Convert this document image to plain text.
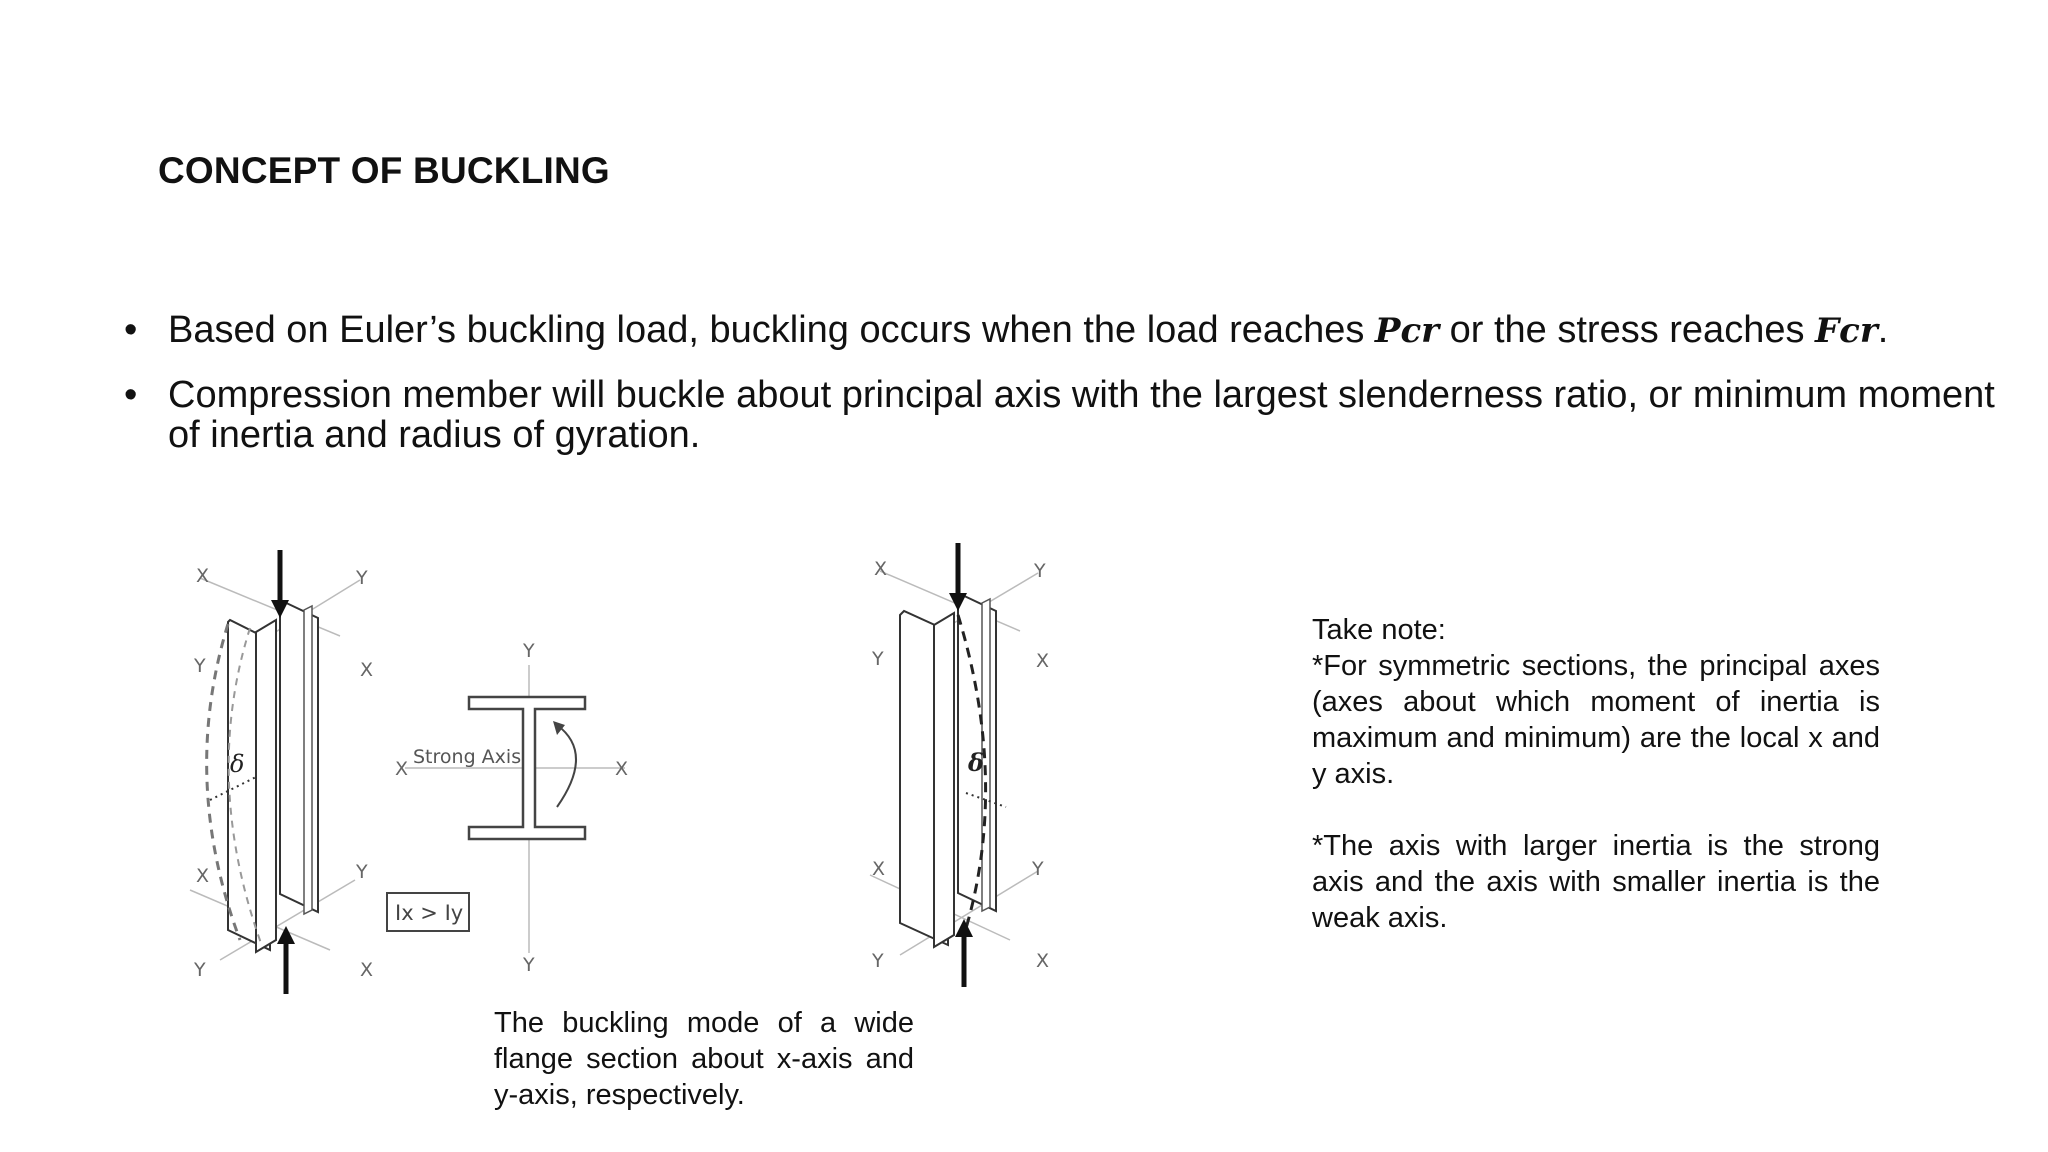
CONCEPT OF BUCKLING
• Based on Euler’s buckling load, buckling occurs when the load reaches Pcr or the stress reaches Fcr.
• Compression member will buckle about principal axis with the largest slenderness ratio, or minimum moment of inertia and radius of gyration.
X	Y
Y	X
X	Y
Y	X
δ
Y
Y
X	X
Strong Axis
Ix > Iy
X	Y
Y	X
X	Y
Y	X
δ
The buckling mode of a wide flange section about x-axis and y-axis, respectively.

Take note:

*For symmetric sections, the principal axes (axes about which moment of inertia is maximum and minimum) are the local x and y axis.

*The axis with larger inertia is the strong axis and the axis with smaller inertia is the weak axis.
